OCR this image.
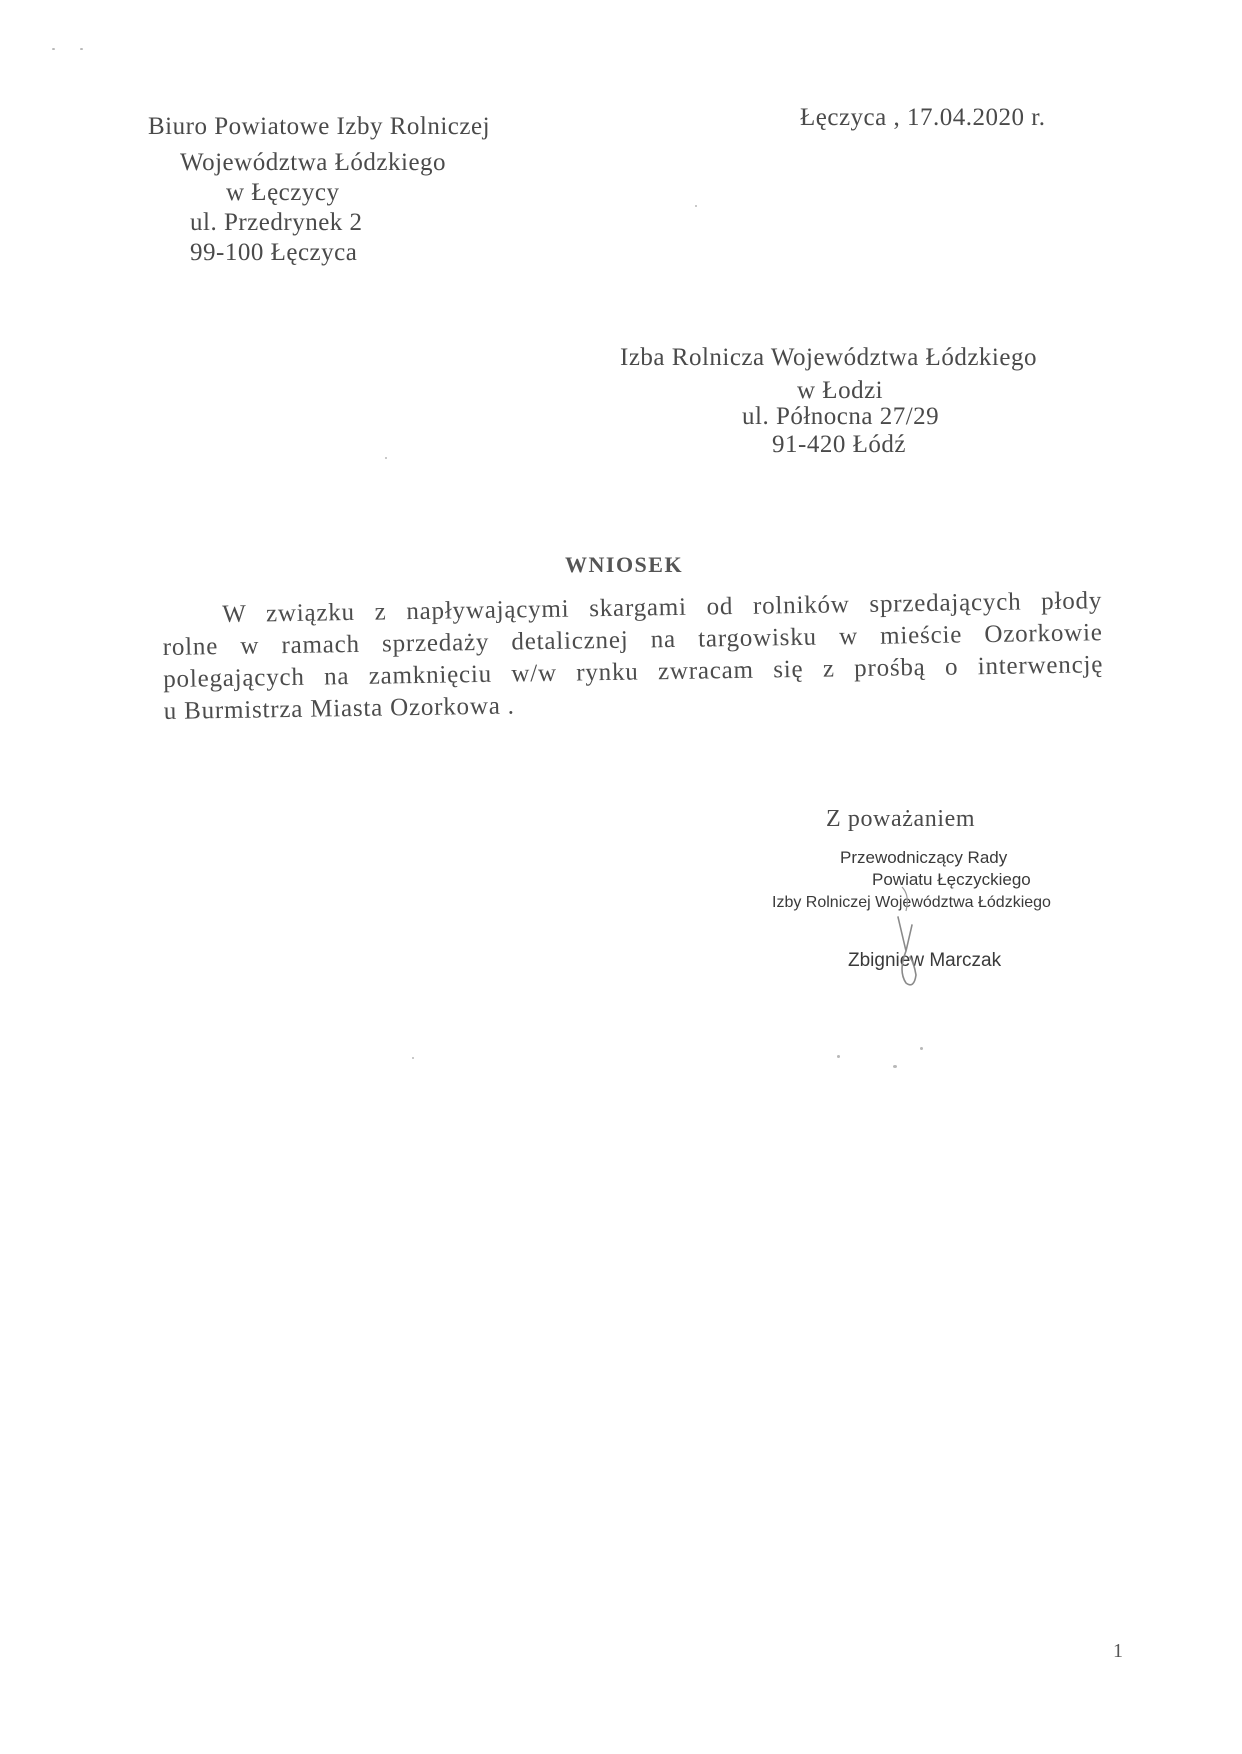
Biuro Powiatowe Izby Rolniczej
Województwa Łódzkiego
w Łęczycy
ul. Przedrynek 2
99-100 Łęczyca
Łęczyca , 17.04.2020 r.
Izba Rolnicza Województwa Łódzkiego
w Łodzi
ul. Północna 27/29
91-420 Łódź
WNIOSEK
W związku z napływającymi skargami od rolników sprzedających płody
rolne w ramach sprzedaży detalicznej na targowisku w mieście Ozorkowie
polegających na zamknięciu w/w rynku zwracam się z prośbą o interwencję
u Burmistrza Miasta Ozorkowa .
Z poważaniem
Przewodniczący Rady
Powiatu Łęczyckiego
Izby Rolniczej Województwa Łódzkiego
Zbigniew Marczak
1
